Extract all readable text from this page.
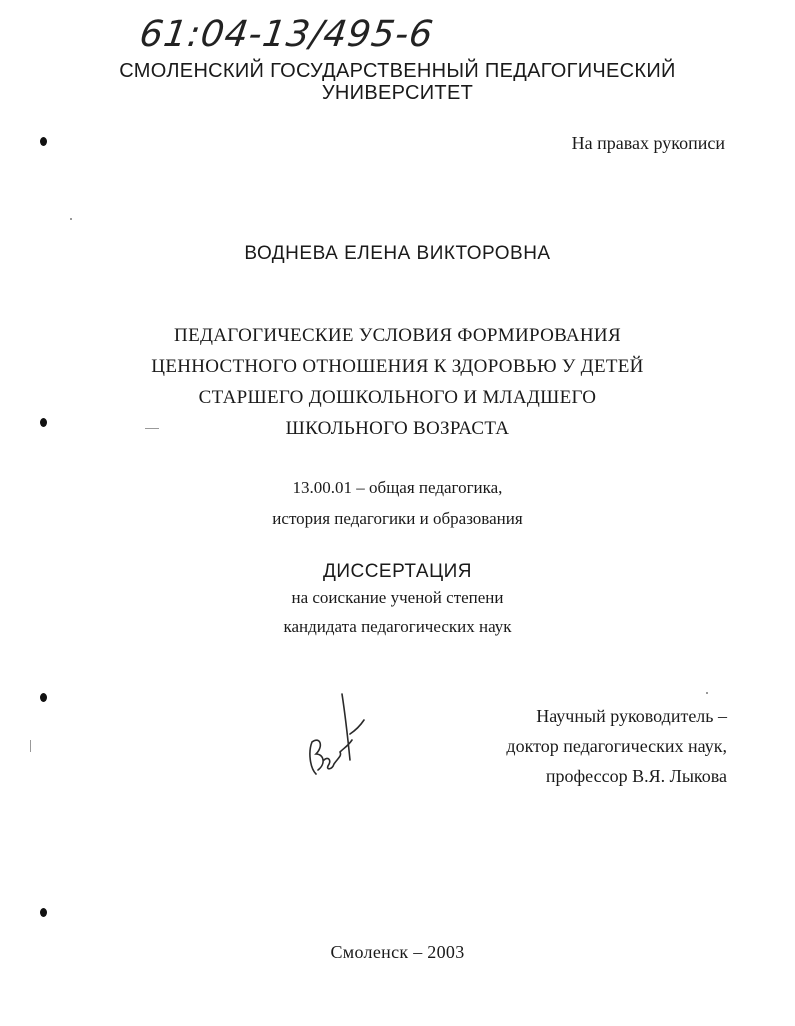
61:04-13/495-6
СМОЛЕНСКИЙ ГОСУДАРСТВЕННЫЙ ПЕДАГОГИЧЕСКИЙ
УНИВЕРСИТЕТ
На правах рукописи
ВОДНЕВА ЕЛЕНА ВИКТОРОВНА
ПЕДАГОГИЧЕСКИЕ УСЛОВИЯ ФОРМИРОВАНИЯ
ЦЕННОСТНОГО ОТНОШЕНИЯ К ЗДОРОВЬЮ У ДЕТЕЙ
СТАРШЕГО ДОШКОЛЬНОГО И МЛАДШЕГО
ШКОЛЬНОГО ВОЗРАСТА
13.00.01 – общая педагогика,
история педагогики и образования
ДИССЕРТАЦИЯ
на соискание ученой степени
кандидата педагогических наук
Научный руководитель –
доктор педагогических наук,
профессор В.Я. Лыкова
Смоленск – 2003
